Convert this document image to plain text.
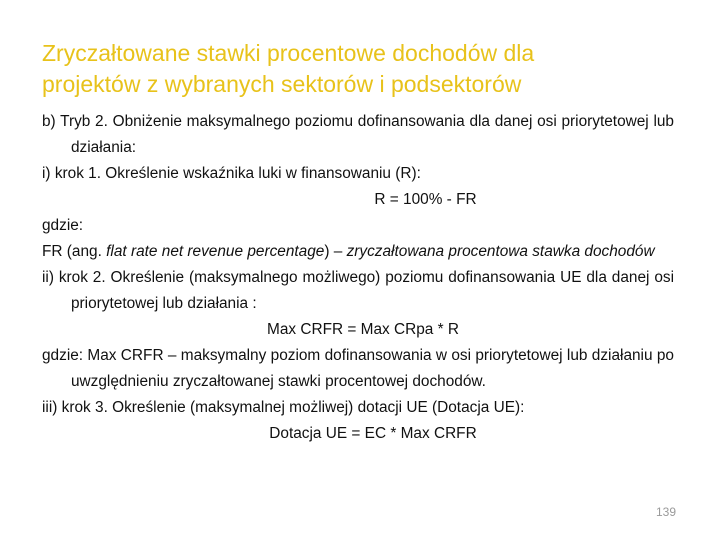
Zryczałtowane stawki procentowe dochodów dla
projektów z wybranych sektorów i podsektorów
b) Tryb 2. Obniżenie maksymalnego poziomu dofinansowania dla danej osi priorytetowej lub działania:
i) krok 1. Określenie wskaźnika luki w finansowaniu (R):
R = 100% - FR
gdzie:
FR (ang. flat rate net revenue percentage) – zryczałtowana procentowa stawka dochodów
ii) krok 2. Określenie (maksymalnego możliwego) poziomu dofinansowania UE dla danej osi priorytetowej lub działania :
Max CRFR = Max CRpa * R
gdzie: Max CRFR – maksymalny poziom dofinansowania w osi priorytetowej lub działaniu po uwzględnieniu zryczałtowanej stawki procentowej dochodów.
iii) krok 3. Określenie (maksymalnej możliwej) dotacji UE (Dotacja UE):
Dotacja UE = EC * Max CRFR
139
